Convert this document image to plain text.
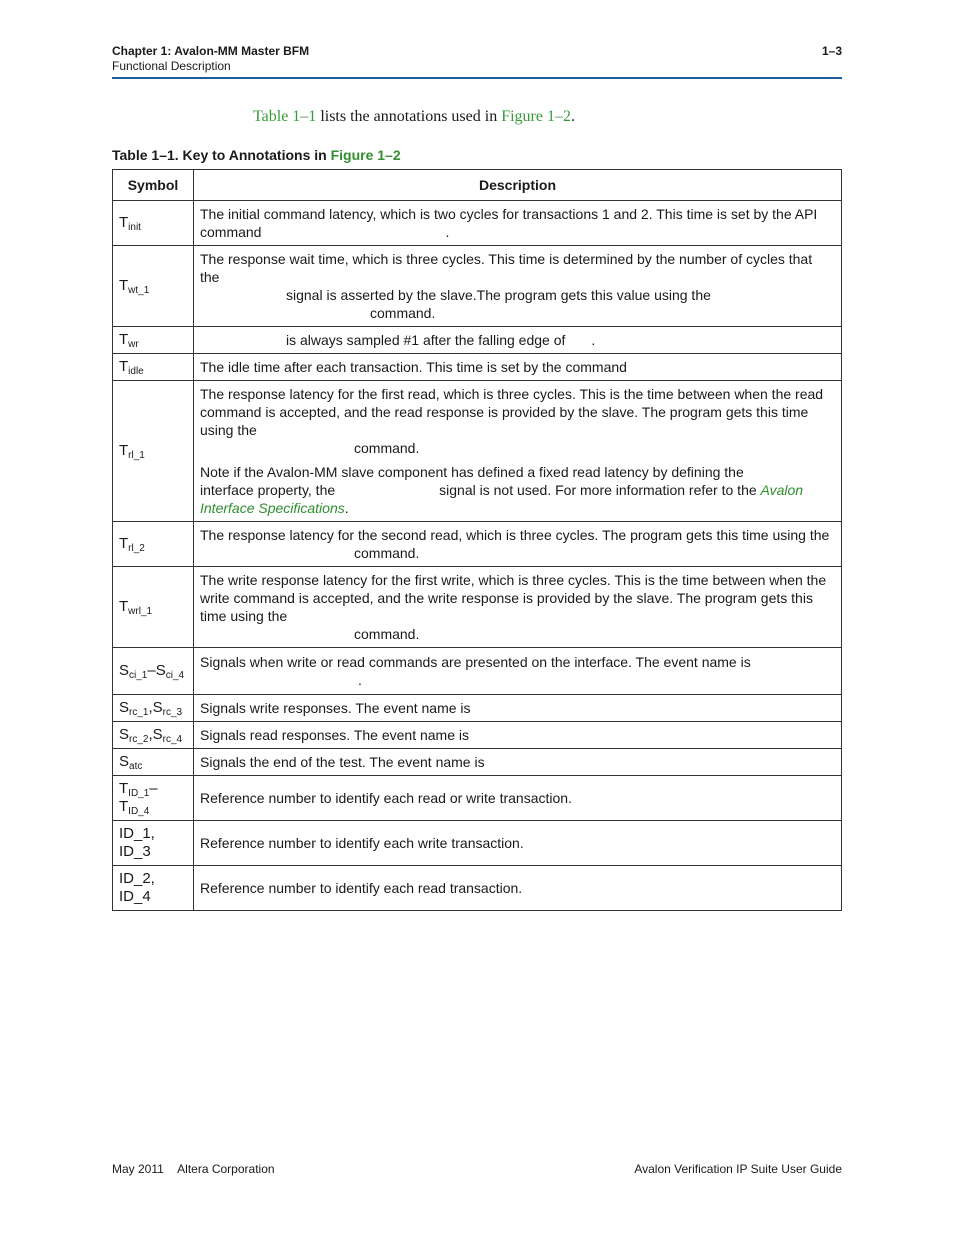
Chapter 1: Avalon-MM Master BFM
Functional Description
1–3
Table 1–1 lists the annotations used in Figure 1–2.
Table 1–1. Key to Annotations in Figure 1–2
Symbol	Description
$T_{init}$	The initial command latency, which is two cycles for transactions 1 and 2. This time is set by the API
command .
$T_{wt\_1}$	The response wait time, which is three cycles. This time is determined by the number of cycles that the
signal is asserted by the slave.The program gets this value using the
command.
$T_{wr}$	is always sampled #1 after the falling edge of .
$T_{idle}$	The idle time after each transaction. This time is set by the command
$T_{rl\_1}$	The response latency for the first read, which is three cycles. This is the time between when the read command is accepted, and the read response is provided by the slave. The program gets this time using the
command.

Note if the Avalon-MM slave component has defined a fixed read latency by defining the
interface property, the signal is not used. For more information refer to the Avalon Interface Specifications.

$T_{rl\_2}$	The response latency for the second read, which is three cycles. The program gets this time using the
command.
$T_{wrl\_1}$	The write response latency for the first write, which is three cycles. This is the time between when the write command is accepted, and the write response is provided by the slave. The program gets this time using the
command.
$S_{ci\_1}-S_{ci\_4}$	Signals when write or read commands are presented on the interface. The event name is
.
$S_{rc\_1},S_{rc\_3}$	Signals write responses. The event name is
$S_{rc\_2},S_{rc\_4}$	Signals read responses. The event name is
$S_{atc}$	Signals the end of the test. The event name is
$T_{ID\_1}-T_{ID\_4}$	Reference number to identify each read or write transaction.
ID_1, ID_3	Reference number to identify each write transaction.
ID_2, ID_4	Reference number to identify each read transaction.
May 2011 Altera Corporation	Avalon Verification IP Suite User Guide
